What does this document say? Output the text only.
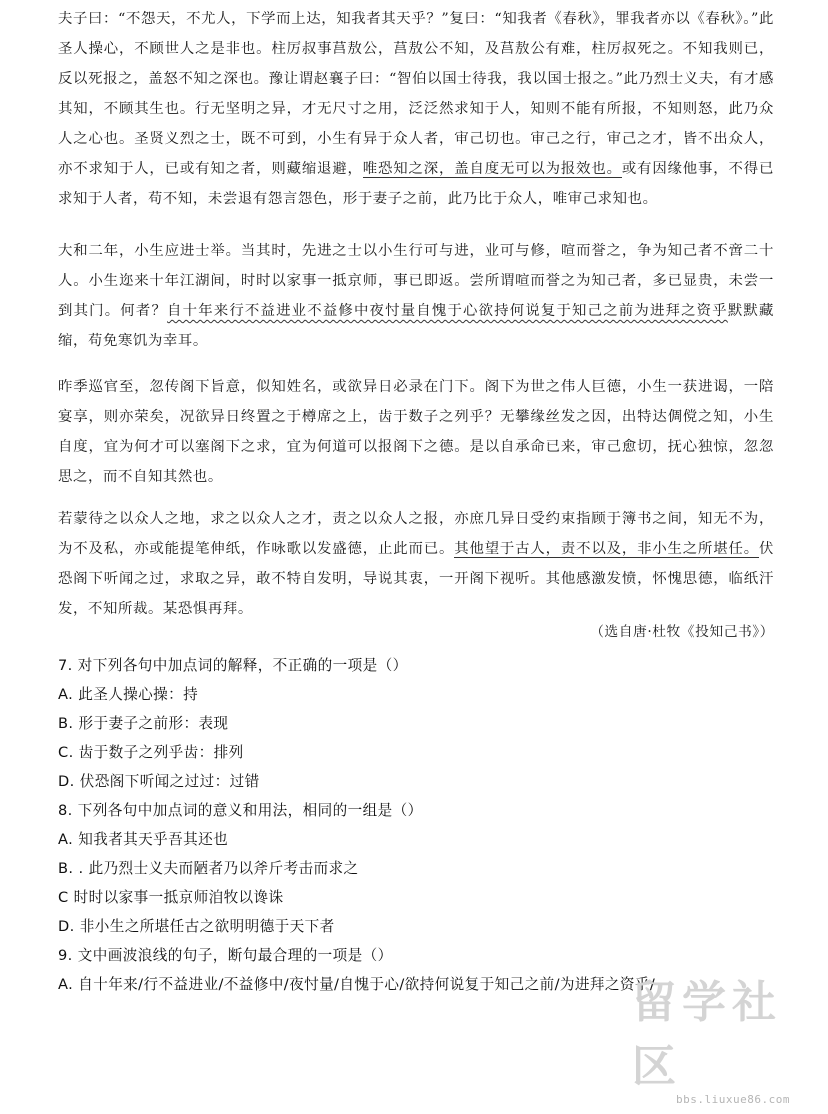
夫子曰：“不怨天，不尤人，下学而上达，知我者其天乎？”复曰：“知我者《春秋》，罪我者亦以《春秋》。”此圣人操心，不顾世人之是非也。柱厉叔事莒敖公，莒敖公不知，及莒敖公有难，柱厉叔死之。不知我则已，反以死报之，盖怒不知之深也。豫让谓赵襄子曰：“智伯以国士待我，我以国士报之。”此乃烈士义夫，有才感其知，不顾其生也。行无坚明之异，才无尺寸之用，泛泛然求知于人，知则不能有所报，不知则怒，此乃众人之心也。圣贤义烈之士，既不可到，小生有异于众人者，审己切也。审己之行，审己之才，皆不出众人，亦不求知于人，已或有知之者，则藏缩退避，唯恐知之深，盖自度无可以为报效也。或有因缘他事，不得已求知于人者，苟不知，未尝退有怨言怨色，形于妻子之前，此乃比于众人，唯审己求知也。

大和二年，小生应进士举。当其时，先进之士以小生行可与进，业可与修，喧而誉之，争为知己者不啻二十人。小生迩来十年江湖间，时时以家事一抵京师，事已即返。尝所谓喧而誉之为知己者，多已显贵，未尝一到其门。何者？自十年来行不益进业不益修中夜忖量自愧于心欲持何说复于知己之前为进拜之资乎默默藏缩，苟免寒饥为幸耳。

昨季巡官至，忽传阁下旨意，似知姓名，或欲异日必录在门下。阁下为世之伟人巨德，小生一获进谒，一陪宴享，则亦荣矣，况欲异日终置之于樽席之上，齿于数子之列乎？无攀缘丝发之因，出特达倜傥之知，小生自度，宜为何才可以塞阁下之求，宜为何道可以报阁下之德。是以自承命已来，审己愈切，抚心独惊，忽忽思之，而不自知其然也。

若蒙待之以众人之地，求之以众人之才，责之以众人之报，亦庶几异日受约束指顾于簿书之间，知无不为，为不及私，亦或能提笔伸纸，作咏歌以发盛德，止此而已。其他望于古人，责不以及，非小生之所堪任。伏恐阁下听闻之过，求取之异，敢不特自发明，导说其衷，一开阁下视听。其他感激发愤，怀愧思德，临纸汗发，不知所裁。某恐惧再拜。

（选自唐·杜牧《投知己书》）
7. 对下列各句中加点词的解释，不正确的一项是（）
A. 此圣人操心操：持
B. 形于妻子之前形：表现
C. 齿于数子之列乎齿：排列
D. 伏恐阁下听闻之过过：过错
8. 下列各句中加点词的意义和用法，相同的一组是（）
A. 知我者其天乎吾其还也
B. . 此乃烈士义夫而陋者乃以斧斤考击而求之
C 时时以家事一抵京师洎牧以谗诛
D. 非小生之所堪任古之欲明明德于天下者
9. 文中画波浪线的句子，断句最合理的一项是（）
A. 自十年来/行不益进业/不益修中/夜忖量/自愧于心/欲持何说复于知己之前/为进拜之资乎/
留学社区
bbs.liuxue86.com
